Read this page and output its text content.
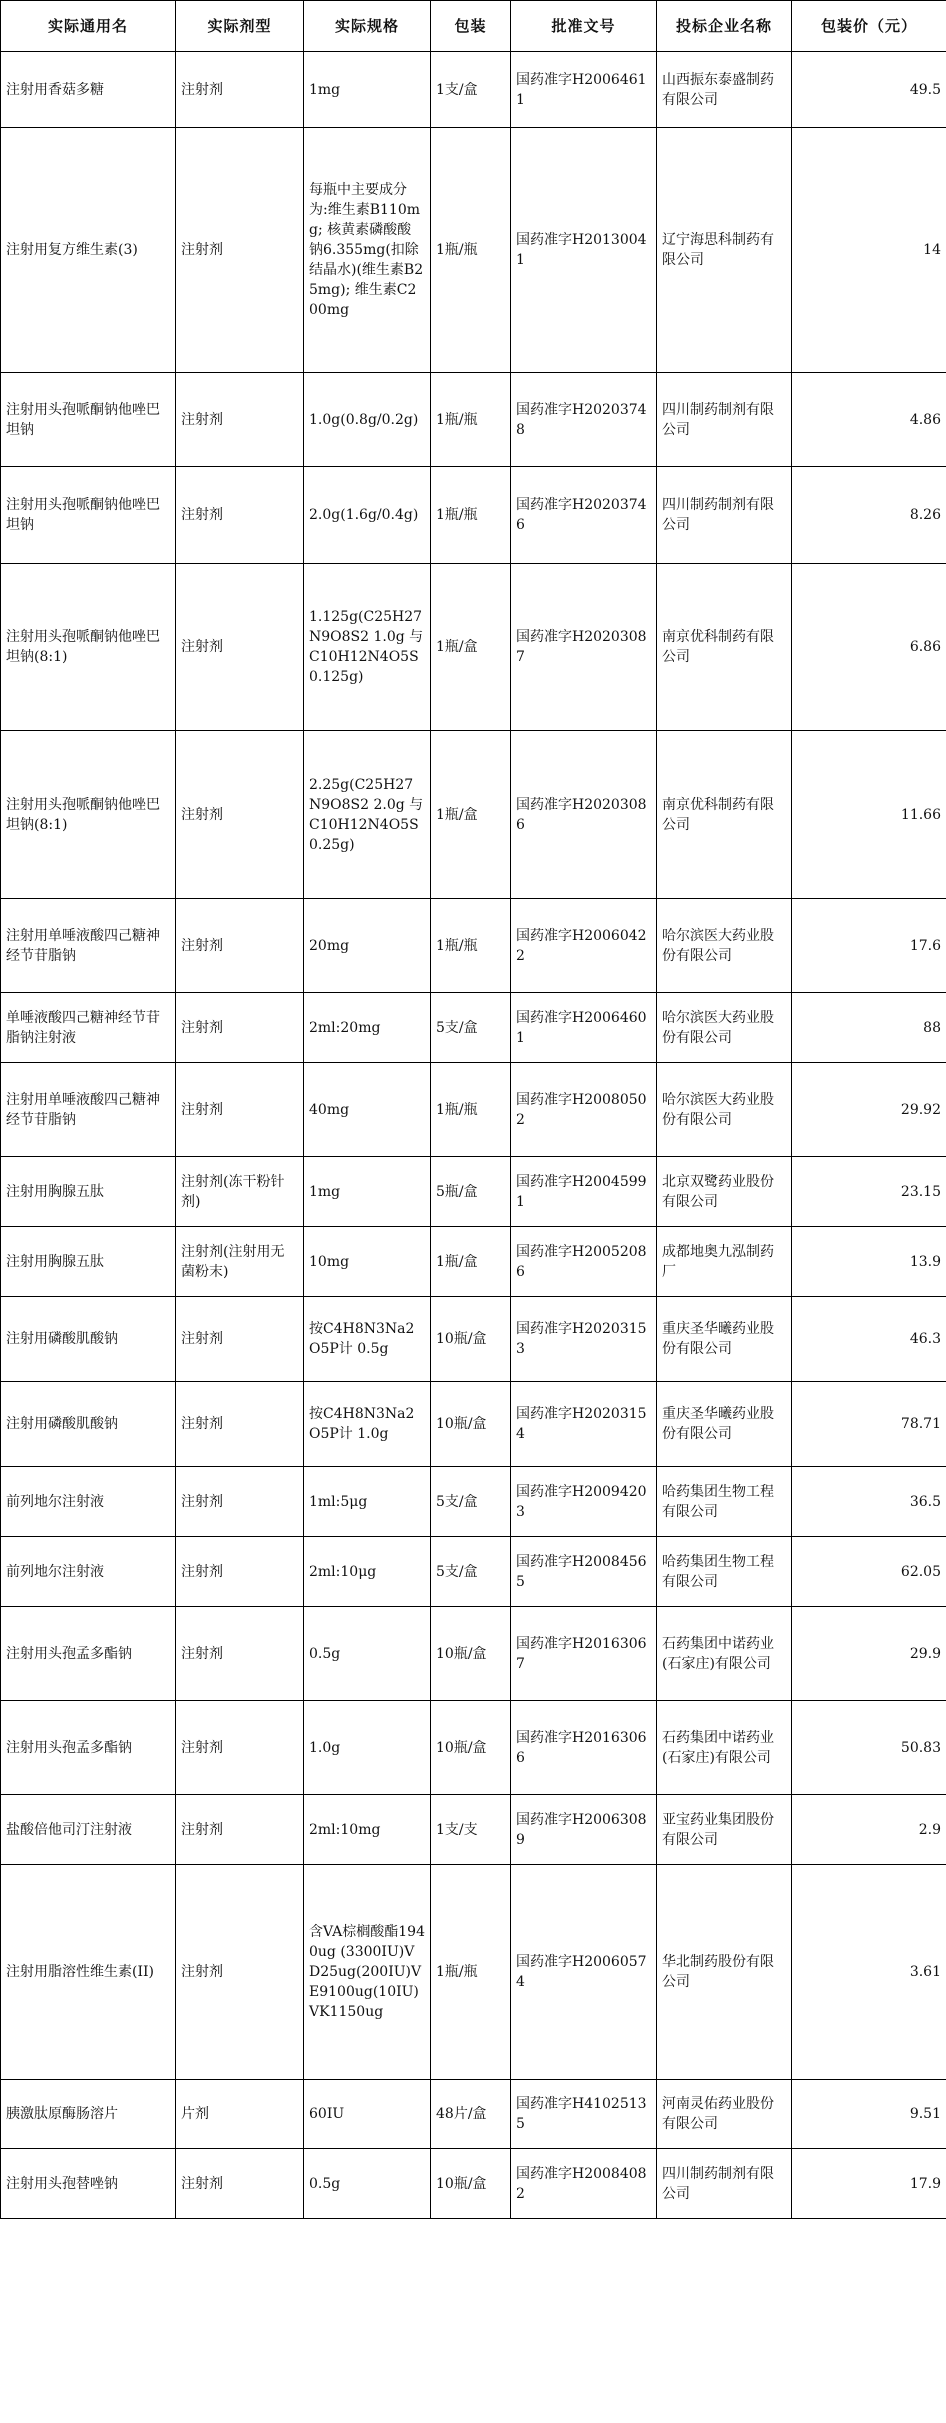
实际通用名	实际剂型	实际规格	包装	批准文号	投标企业名称	包装价（元）
注射用香菇多糖	注射剂	1mg	1支/盒	国药准字H20064611	山西振东泰盛制药有限公司	49.5
注射用复方维生素(3)	注射剂	每瓶中主要成分为:维生素B110mg; 核黄素磷酸酸钠6.355mg(扣除结晶水)(维生素B25mg); 维生素C200mg	1瓶/瓶	国药准字H20130041	辽宁海思科制药有限公司	14
注射用头孢哌酮钠他唑巴坦钠	注射剂	1.0g(0.8g/0.2g)	1瓶/瓶	国药准字H20203748	四川制药制剂有限公司	4.86
注射用头孢哌酮钠他唑巴坦钠	注射剂	2.0g(1.6g/0.4g)	1瓶/瓶	国药准字H20203746	四川制药制剂有限公司	8.26
注射用头孢哌酮钠他唑巴坦钠(8:1)	注射剂	1.125g(C25H27N9O8S2 1.0g 与C10H12N4O5S 0.125g)	1瓶/盒	国药准字H20203087	南京优科制药有限公司	6.86
注射用头孢哌酮钠他唑巴坦钠(8:1)	注射剂	2.25g(C25H27N9O8S2 2.0g 与C10H12N4O5S 0.25g)	1瓶/盒	国药准字H20203086	南京优科制药有限公司	11.66
注射用单唾液酸四己糖神经节苷脂钠	注射剂	20mg	1瓶/瓶	国药准字H20060422	哈尔滨医大药业股份有限公司	17.6
单唾液酸四己糖神经节苷脂钠注射液	注射剂	2ml:20mg	5支/盒	国药准字H20064601	哈尔滨医大药业股份有限公司	88
注射用单唾液酸四己糖神经节苷脂钠	注射剂	40mg	1瓶/瓶	国药准字H20080502	哈尔滨医大药业股份有限公司	29.92
注射用胸腺五肽	注射剂(冻干粉针剂)	1mg	5瓶/盒	国药准字H20045991	北京双鹭药业股份有限公司	23.15
注射用胸腺五肽	注射剂(注射用无菌粉末)	10mg	1瓶/盒	国药准字H20052086	成都地奥九泓制药厂	13.9
注射用磷酸肌酸钠	注射剂	按C4H8N3Na2O5P计 0.5g	10瓶/盒	国药准字H20203153	重庆圣华曦药业股份有限公司	46.3
注射用磷酸肌酸钠	注射剂	按C4H8N3Na2O5P计 1.0g	10瓶/盒	国药准字H20203154	重庆圣华曦药业股份有限公司	78.71
前列地尔注射液	注射剂	1ml:5μg	5支/盒	国药准字H20094203	哈药集团生物工程有限公司	36.5
前列地尔注射液	注射剂	2ml:10μg	5支/盒	国药准字H20084565	哈药集团生物工程有限公司	62.05
注射用头孢孟多酯钠	注射剂	0.5g	10瓶/盒	国药准字H20163067	石药集团中诺药业(石家庄)有限公司	29.9
注射用头孢孟多酯钠	注射剂	1.0g	10瓶/盒	国药准字H20163066	石药集团中诺药业(石家庄)有限公司	50.83
盐酸倍他司汀注射液	注射剂	2ml:10mg	1支/支	国药准字H20063089	亚宝药业集团股份有限公司	2.9
注射用脂溶性维生素(II)	注射剂	含VA棕榈酸酯1940ug (3300IU)VD25ug(200IU)VE9100ug(10IU)VK1150ug	1瓶/瓶	国药准字H20060574	华北制药股份有限公司	3.61
胰激肽原酶肠溶片	片剂	60IU	48片/盒	国药准字H41025135	河南灵佑药业股份有限公司	9.51
注射用头孢替唑钠	注射剂	0.5g	10瓶/盒	国药准字H20084082	四川制药制剂有限公司	17.9
